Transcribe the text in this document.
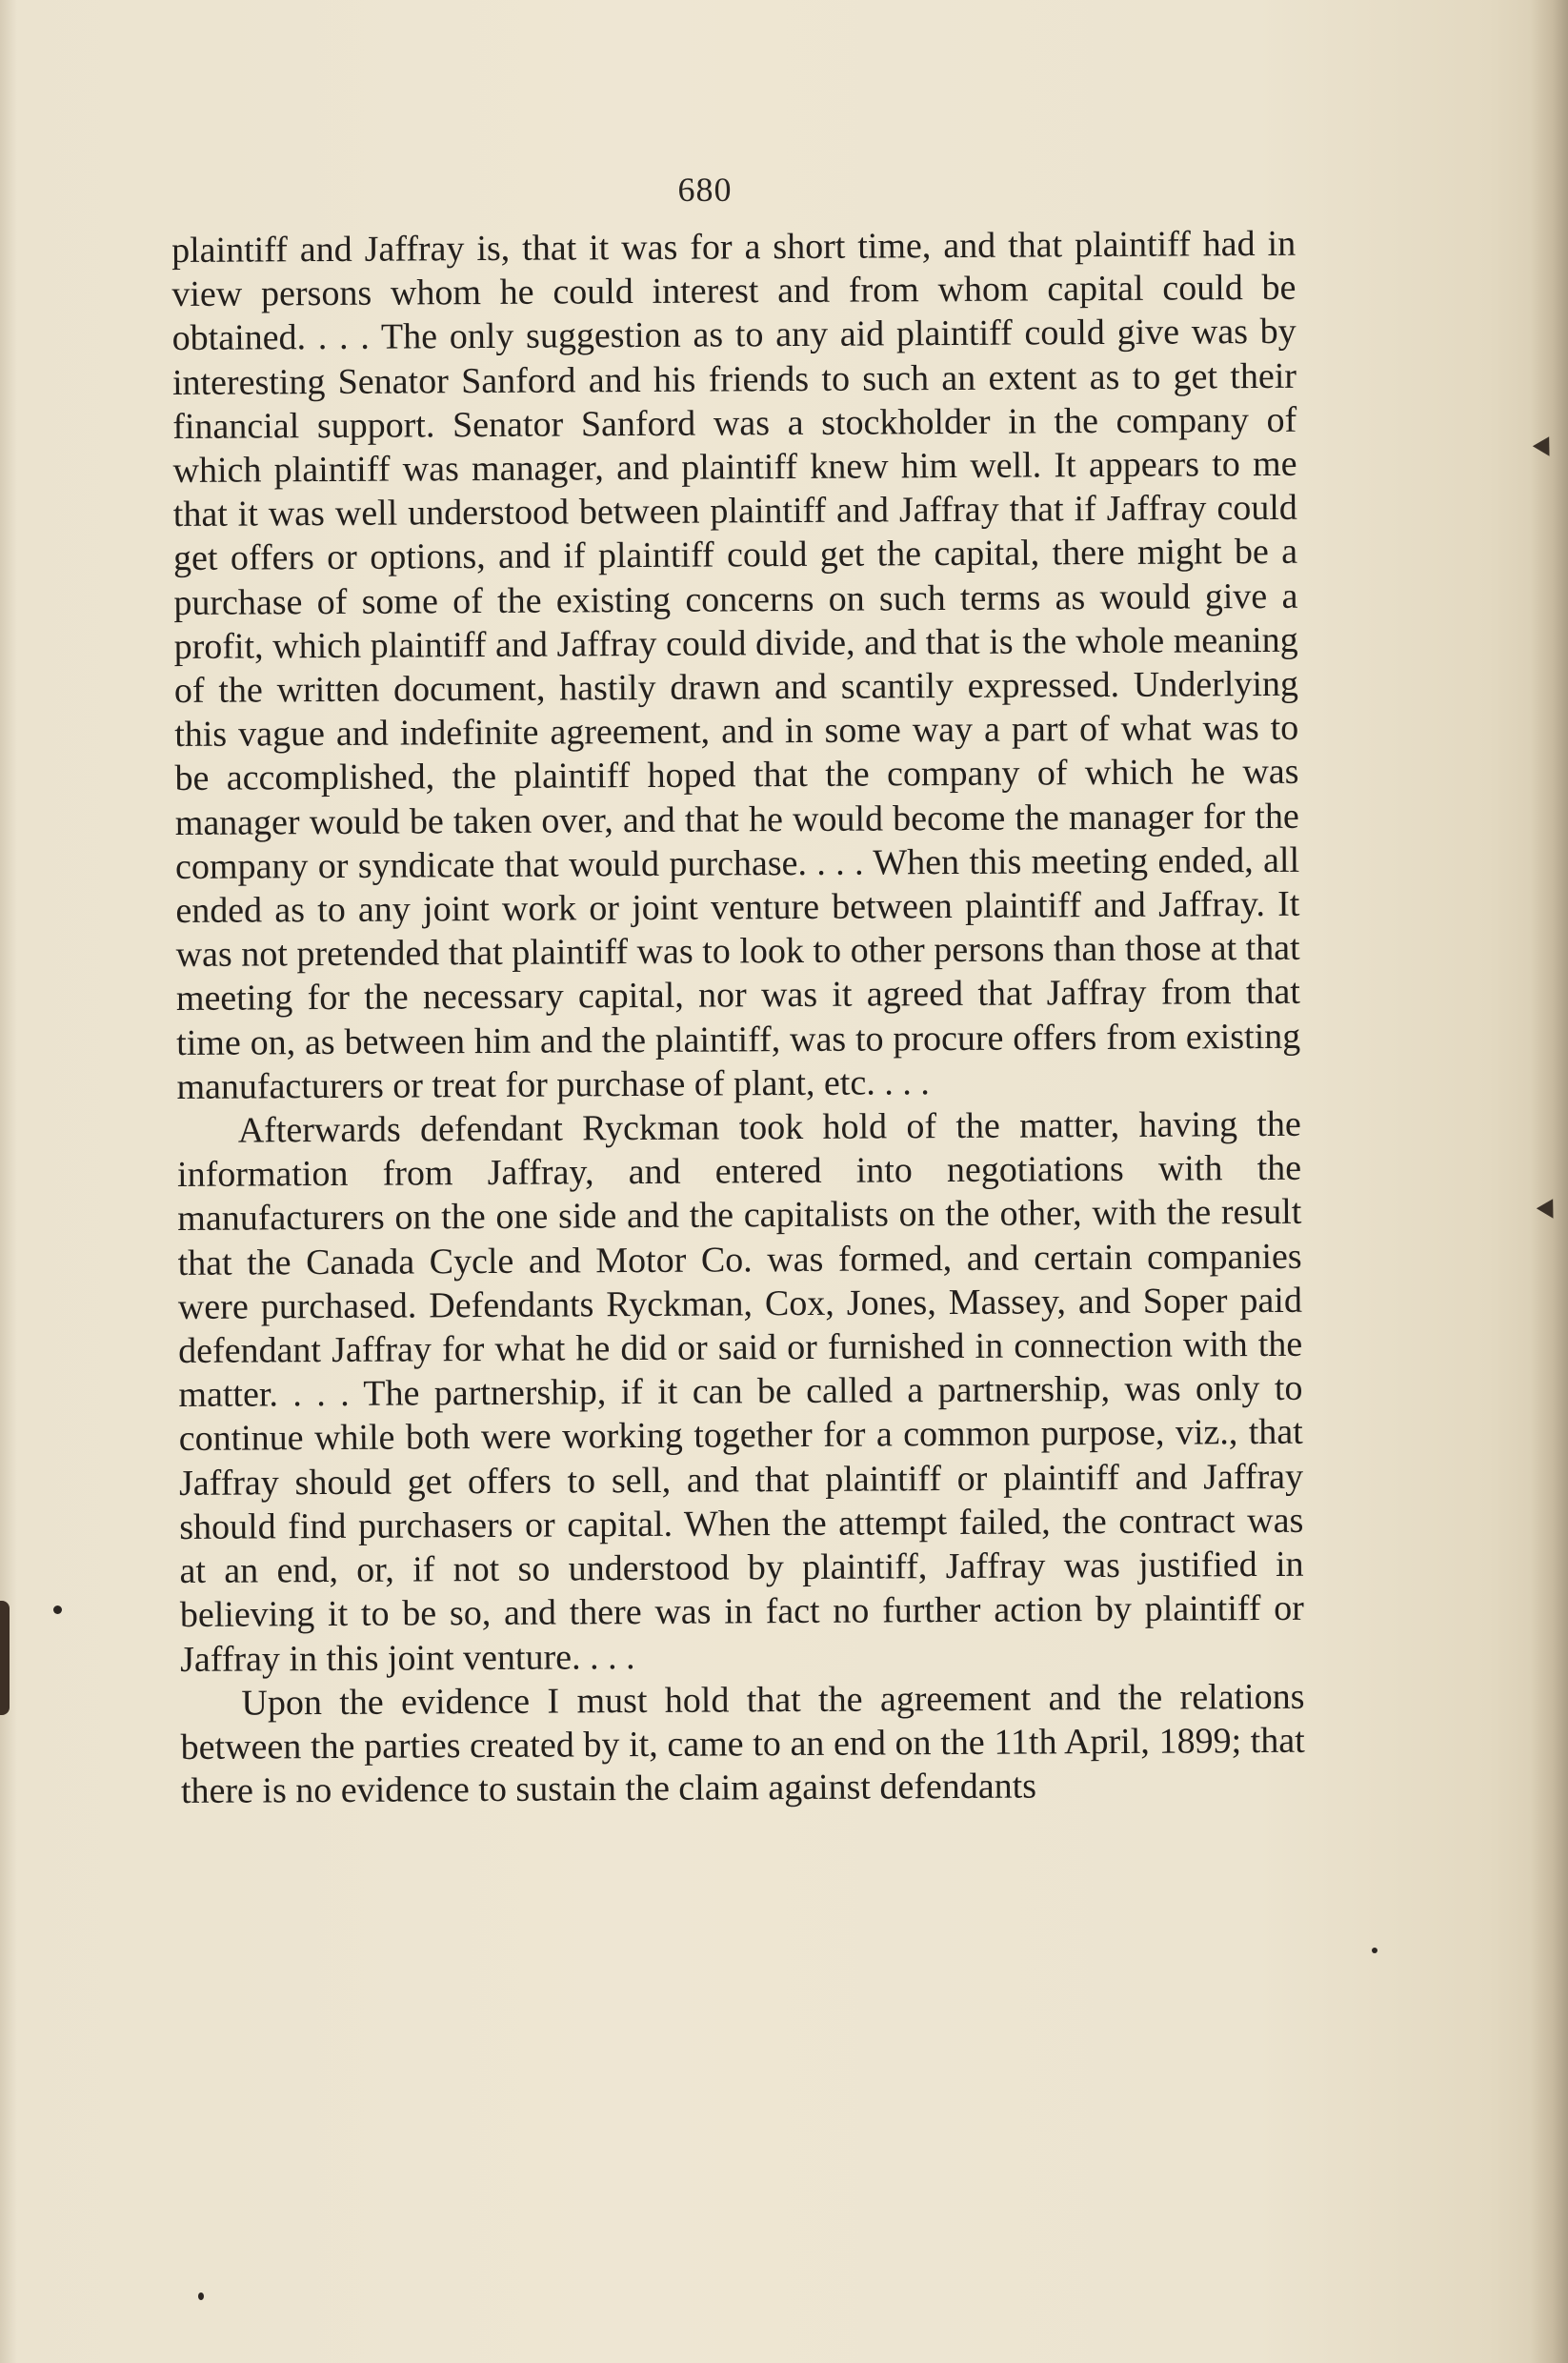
680

plaintiff and Jaffray is, that it was for a short time, and that plaintiff had in view persons whom he could interest and from whom capital could be obtained. . . . The only suggestion as to any aid plaintiff could give was by interesting Senator Sanford and his friends to such an extent as to get their financial support. Senator Sanford was a stockholder in the company of which plaintiff was manager, and plaintiff knew him well. It appears to me that it was well understood between plaintiff and Jaffray that if Jaffray could get offers or options, and if plaintiff could get the capital, there might be a purchase of some of the existing concerns on such terms as would give a profit, which plaintiff and Jaffray could divide, and that is the whole meaning of the written document, hastily drawn and scantily expressed. Underlying this vague and indefinite agreement, and in some way a part of what was to be accomplished, the plaintiff hoped that the company of which he was manager would be taken over, and that he would become the manager for the company or syndicate that would purchase. . . . When this meeting ended, all ended as to any joint work or joint venture between plaintiff and Jaffray. It was not pretended that plaintiff was to look to other persons than those at that meeting for the necessary capital, nor was it agreed that Jaffray from that time on, as between him and the plaintiff, was to procure offers from existing manufacturers or treat for purchase of plant, etc. . . .

Afterwards defendant Ryckman took hold of the matter, having the information from Jaffray, and entered into negotiations with the manufacturers on the one side and the capitalists on the other, with the result that the Canada Cycle and Motor Co. was formed, and certain companies were purchased. Defendants Ryckman, Cox, Jones, Massey, and Soper paid defendant Jaffray for what he did or said or furnished in connection with the matter. . . . The partnership, if it can be called a partnership, was only to continue while both were working together for a common purpose, viz., that Jaffray should get offers to sell, and that plaintiff or plaintiff and Jaffray should find purchasers or capital. When the attempt failed, the contract was at an end, or, if not so understood by plaintiff, Jaffray was justified in believing it to be so, and there was in fact no further action by plaintiff or Jaffray in this joint venture. . . .

Upon the evidence I must hold that the agreement and the relations between the parties created by it, came to an end on the 11th April, 1899; that there is no evidence to sustain the claim against defendants
